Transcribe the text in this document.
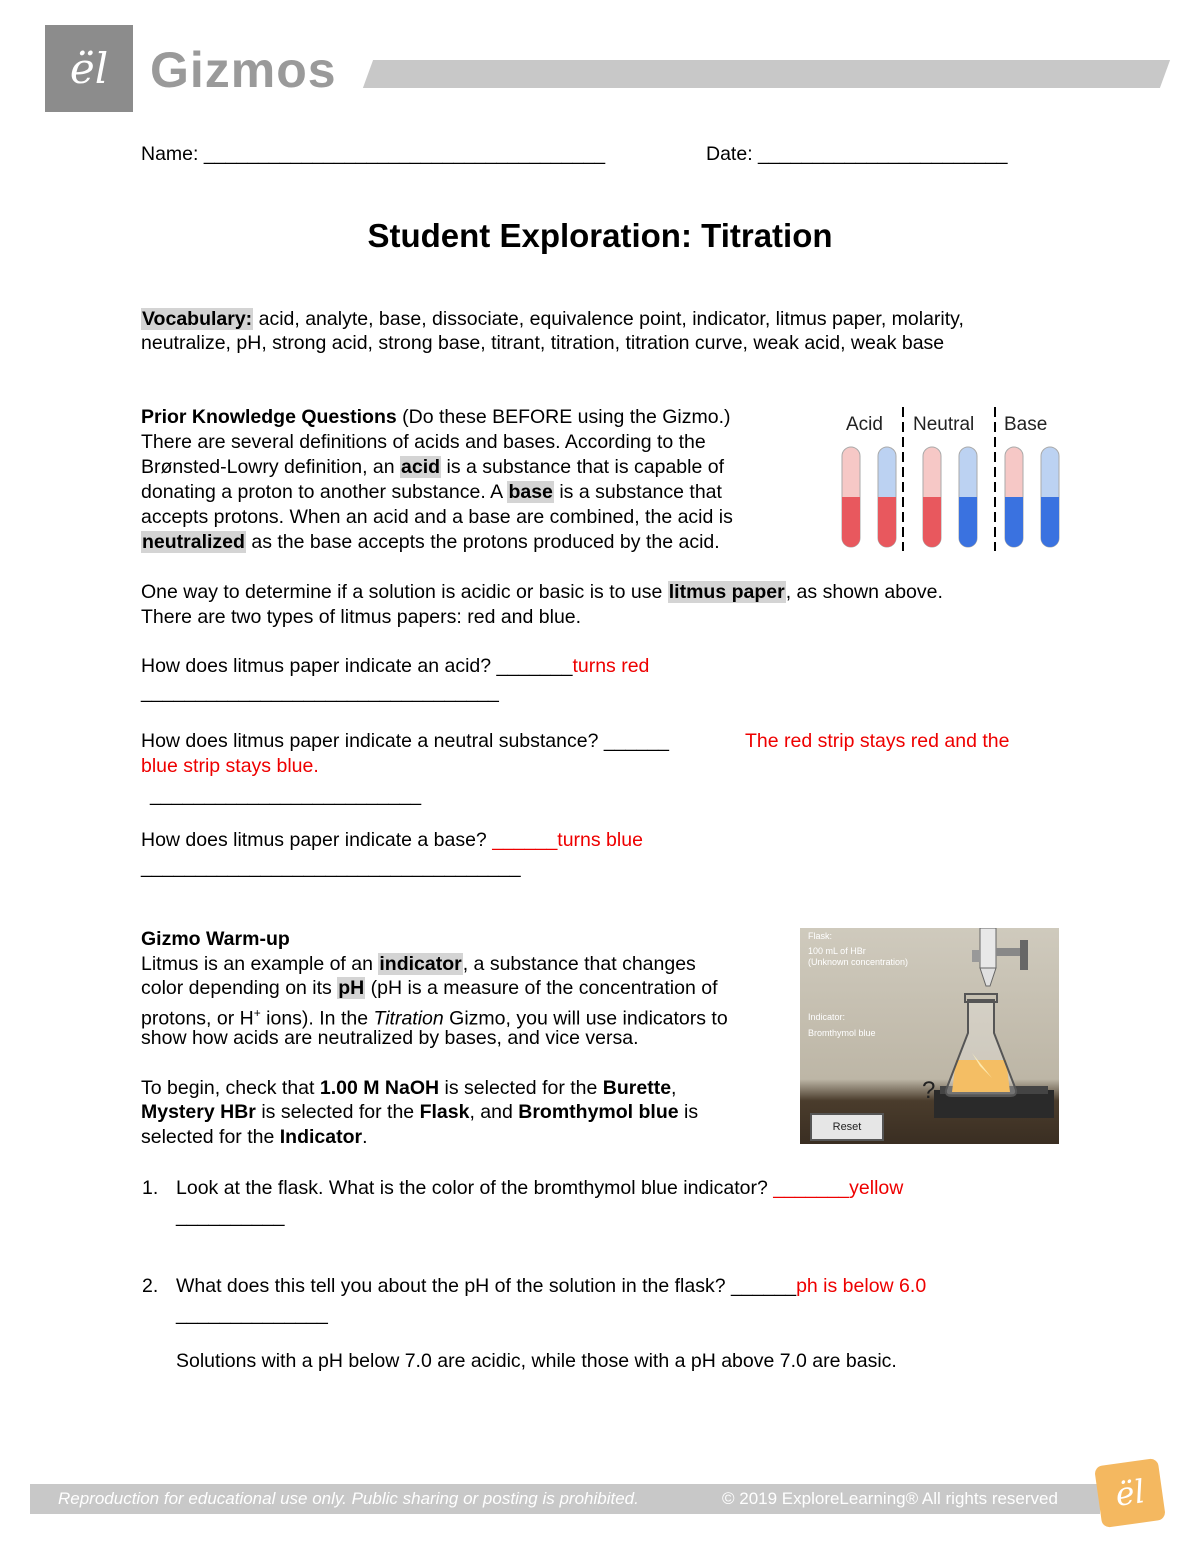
ël Gizmos
Name: _____________________________________	Date: _______________________
Student Exploration: Titration
Vocabulary: acid, analyte, base, dissociate, equivalence point, indicator, litmus paper, molarity,
neutralize, pH, strong acid, strong base, titrant, titration, titration curve, weak acid, weak base
Prior Knowledge Questions (Do these BEFORE using the Gizmo.)
There are several definitions of acids and bases. According to the
Brønsted-Lowry definition, an acid is a substance that is capable of
donating a proton to another substance. A base is a substance that
accepts protons. When an acid and a base are combined, the acid is
neutralized as the base accepts the protons produced by the acid.
Acid Neutral Base
One way to determine if a solution is acidic or basic is to use litmus paper, as shown above.
There are two types of litmus papers: red and blue.
How does litmus paper indicate an acid? _______turns red
_________________________________
How does litmus paper indicate a neutral substance? ______	The red strip stays red and the
blue strip stays blue.
_________________________
How does litmus paper indicate a base? ______turns blue
___________________________________
Gizmo Warm-up
Litmus is an example of an indicator, a substance that changes
color depending on its pH (pH is a measure of the concentration of
protons, or H+ ions). In the Titration Gizmo, you will use indicators to
show how acids are neutralized by bases, and vice versa.
To begin, check that 1.00 M NaOH is selected for the Burette,
Mystery HBr is selected for the Flask, and Bromthymol blue is
selected for the Indicator.
?
Flask:
100 mL of HBr
(Unknown concentration)
Indicator:
Bromthymol blue
Reset
1. Look at the flask. What is the color of the bromthymol blue indicator? _______yellow
__________
2. What does this tell you about the pH of the solution in the flask? ______ph is below 6.0
______________
Solutions with a pH below 7.0 are acidic, while those with a pH above 7.0 are basic.
Reproduction for educational use only. Public sharing or posting is prohibited.	© 2019 ExploreLearning® All rights reserved	ël
